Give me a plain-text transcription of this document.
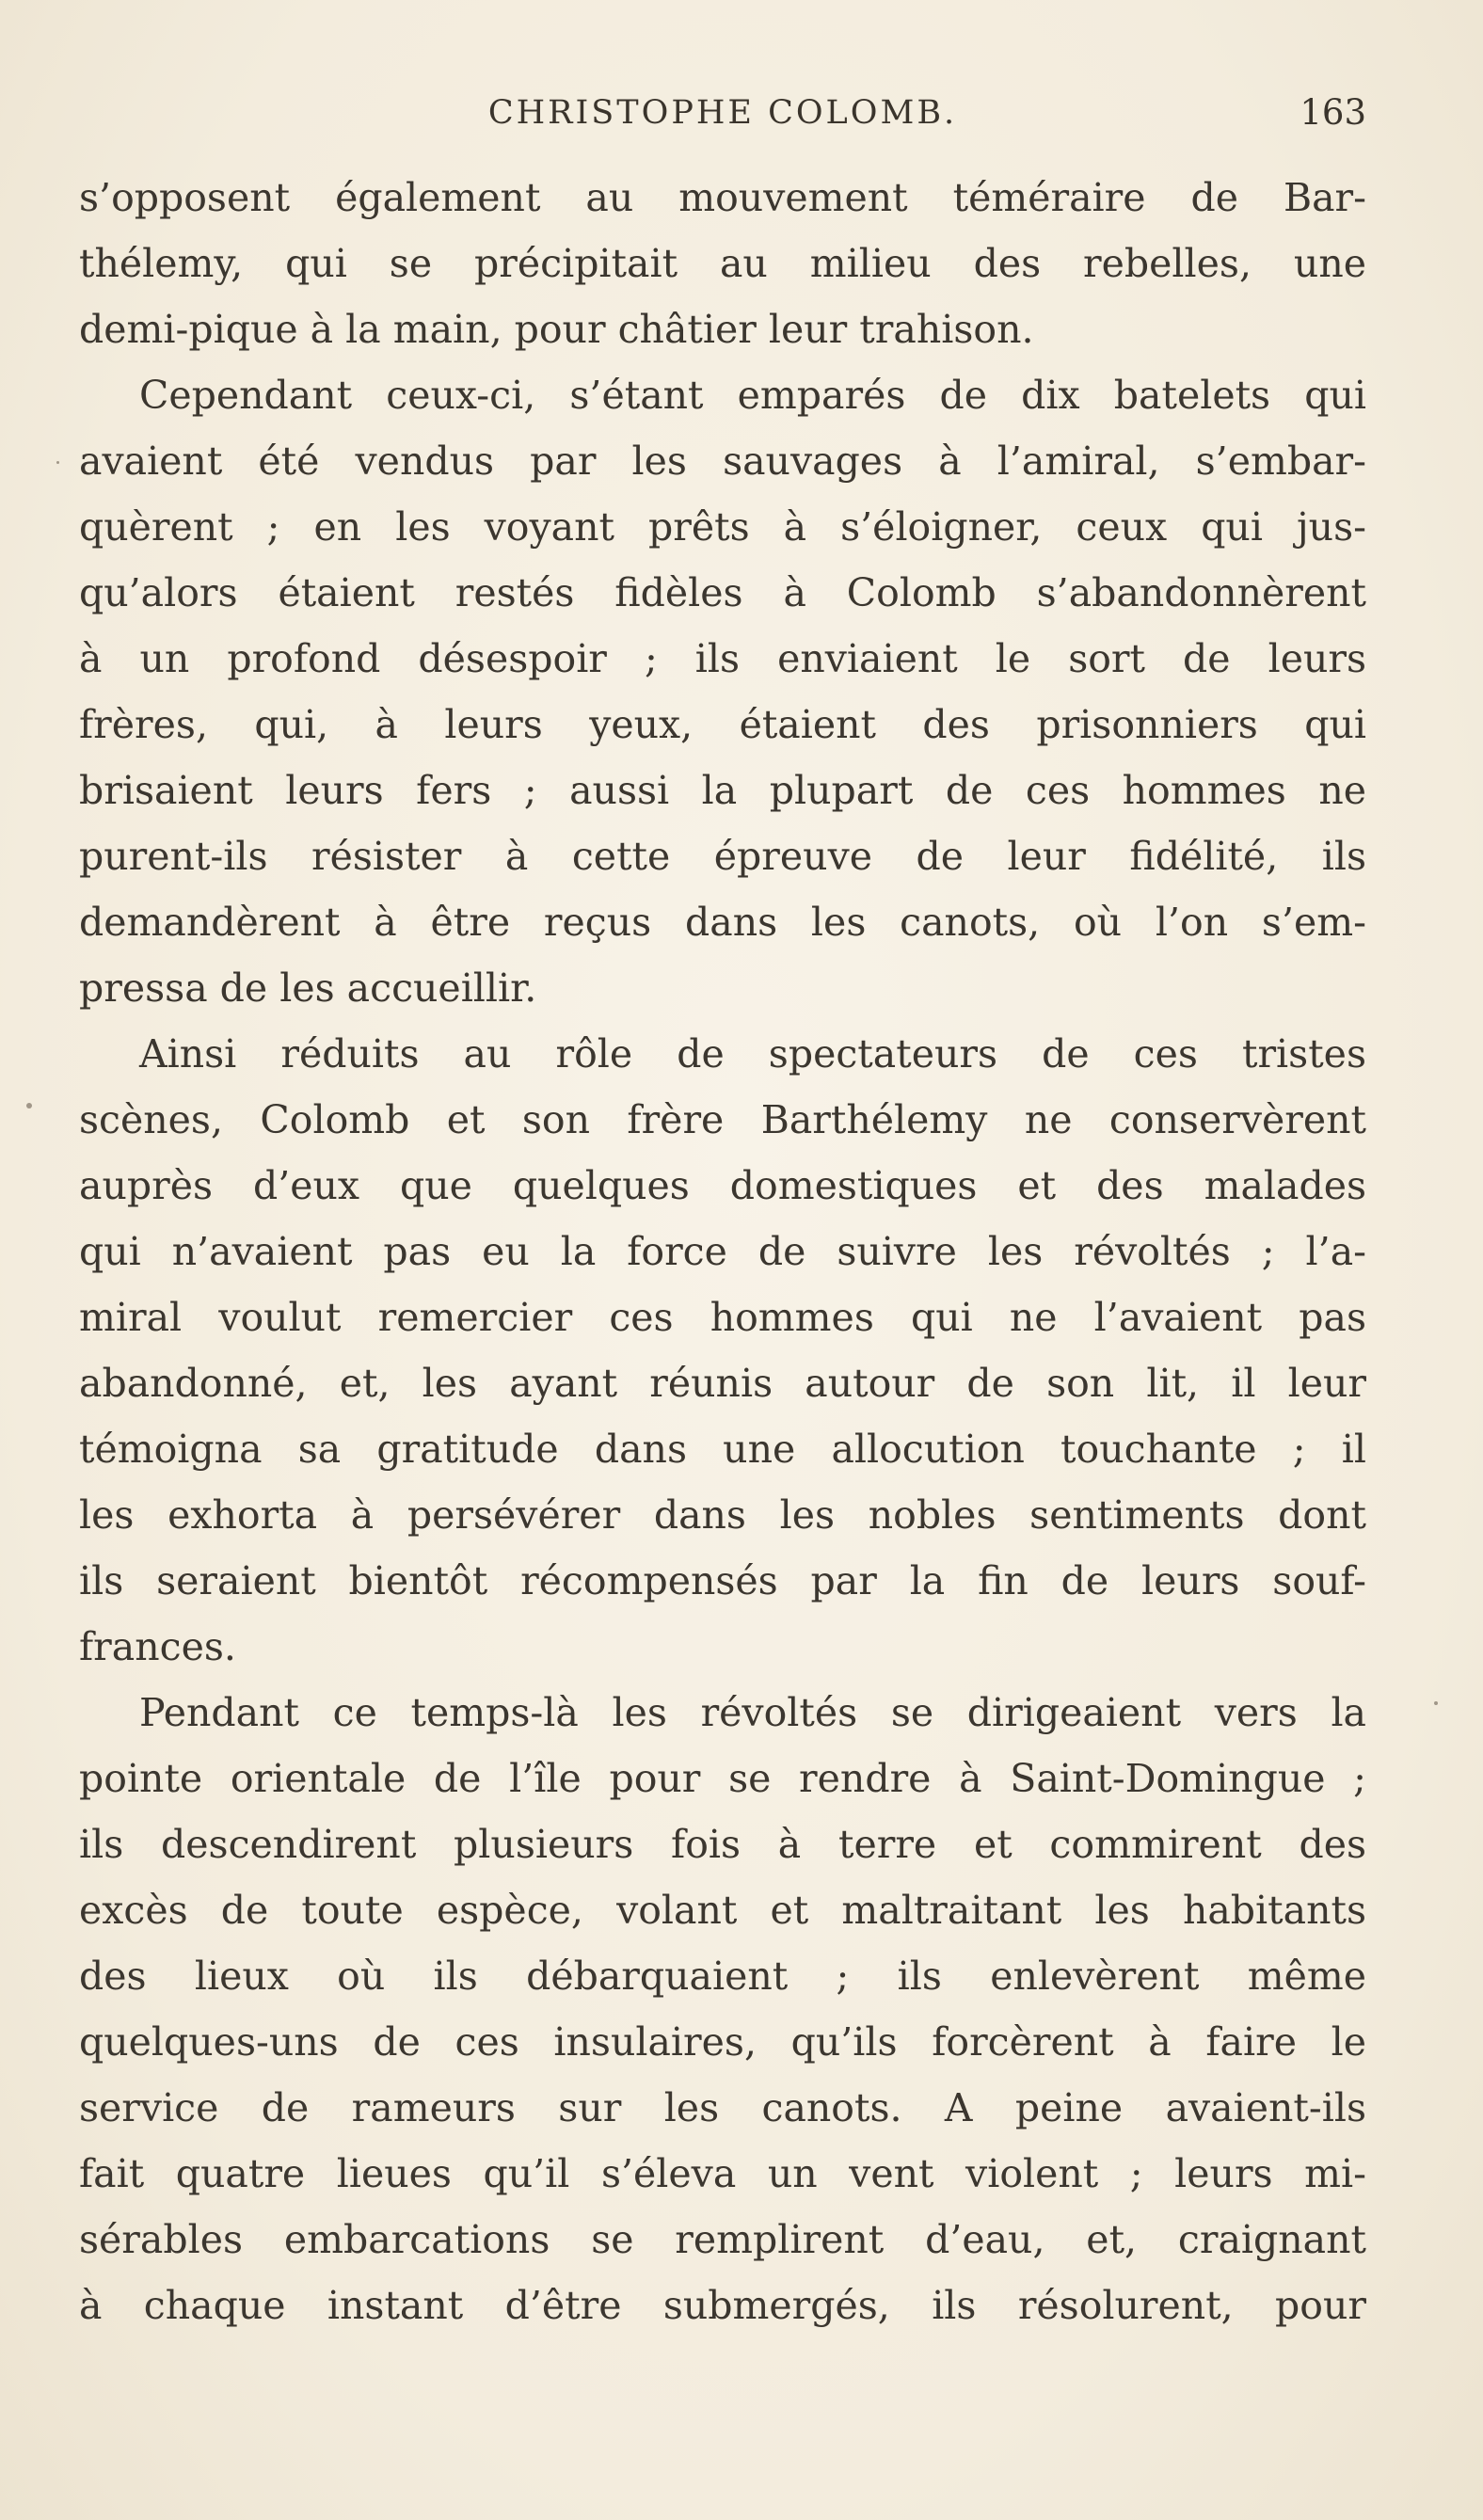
CHRISTOPHE COLOMB.	163
s’opposent également au mouvement téméraire de Bar-
thélemy, qui se précipitait au milieu des rebelles, une
demi-pique à la main, pour châtier leur trahison.
Cependant ceux-ci, s’étant emparés de dix batelets qui
avaient été vendus par les sauvages à l’amiral, s’embar-
quèrent ; en les voyant prêts à s’éloigner, ceux qui jus-
qu’alors étaient restés fidèles à Colomb s’abandonnèrent
à un profond désespoir ; ils enviaient le sort de leurs
frères, qui, à leurs yeux, étaient des prisonniers qui
brisaient leurs fers ; aussi la plupart de ces hommes ne
purent-ils résister à cette épreuve de leur fidélité, ils
demandèrent à être reçus dans les canots, où l’on s’em-
pressa de les accueillir.
Ainsi réduits au rôle de spectateurs de ces tristes
scènes, Colomb et son frère Barthélemy ne conservèrent
auprès d’eux que quelques domestiques et des malades
qui n’avaient pas eu la force de suivre les révoltés ; l’a-
miral voulut remercier ces hommes qui ne l’avaient pas
abandonné, et, les ayant réunis autour de son lit, il leur
témoigna sa gratitude dans une allocution touchante ; il
les exhorta à persévérer dans les nobles sentiments dont
ils seraient bientôt récompensés par la fin de leurs souf-
frances.
Pendant ce temps-là les révoltés se dirigeaient vers la
pointe orientale de l’île pour se rendre à Saint-Domingue ;
ils descendirent plusieurs fois à terre et commirent des
excès de toute espèce, volant et maltraitant les habitants
des lieux où ils débarquaient ; ils enlevèrent même
quelques-uns de ces insulaires, qu’ils forcèrent à faire le
service de rameurs sur les canots. A peine avaient-ils
fait quatre lieues qu’il s’éleva un vent violent ; leurs mi-
sérables embarcations se remplirent d’eau, et, craignant
à chaque instant d’être submergés, ils résolurent, pour
